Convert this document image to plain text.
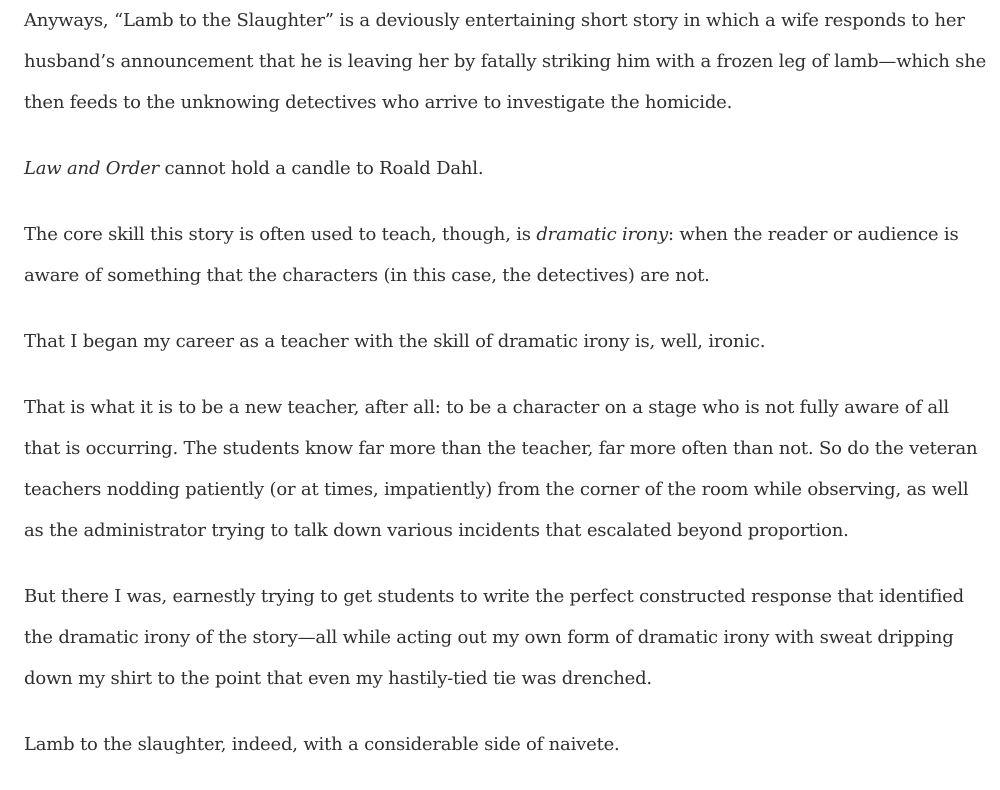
Anyways, “Lamb to the Slaughter” is a deviously entertaining short story in which a wife responds to her husband’s announcement that he is leaving her by fatally striking him with a frozen leg of lamb—which she then feeds to the unknowing detectives who arrive to investigate the homicide.

Law and Order cannot hold a candle to Roald Dahl.

The core skill this story is often used to teach, though, is dramatic irony: when the reader or audience is aware of something that the characters (in this case, the detectives) are not.

That I began my career as a teacher with the skill of dramatic irony is, well, ironic.

That is what it is to be a new teacher, after all: to be a character on a stage who is not fully aware of all that is occurring. The students know far more than the teacher, far more often than not. So do the veteran teachers nodding patiently (or at times, impatiently) from the corner of the room while observing, as well as the administrator trying to talk down various incidents that escalated beyond proportion.

But there I was, earnestly trying to get students to write the perfect constructed response that identified the dramatic irony of the story—all while acting out my own form of dramatic irony with sweat dripping down my shirt to the point that even my hastily-tied tie was drenched.

Lamb to the slaughter, indeed, with a considerable side of naivete.
